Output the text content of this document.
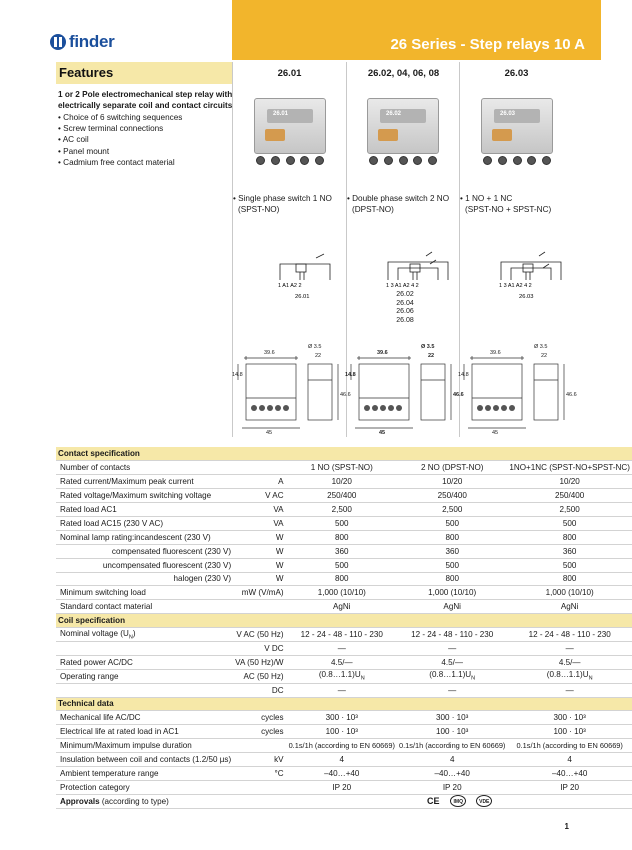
finder	26 Series - Step relays 10 A
Features
1 or 2 Pole electromechanical step relay with electrically separate coil and contact circuits
• Choice of 6 switching sequences
• Screw terminal connections
• AC coil
• Panel mount
• Cadmium free contact material
26.01	26.02, 04, 06, 08	26.03
26.01	26.02	26.03
• Single phase switch 1 NO
(SPST-NO)
• Double phase switch 2 NO
(DPST-NO)
• 1 NO + 1 NC
(SPST-NO + SPST-NC)
1 A1 A2 2
26.01
1 3 A1 A2 4 2
26.02
26.04
26.06
26.08
1 3 A1 A2 4 2
26.03
39.6
Ø 3.5
22
14.8
46.6
45
39.6
Ø 3.5
22
14.8
46.6
45
39.6
Ø 3.5
22
14.8
46.6
45
Contact specification				
Number of contacts		1 NO (SPST-NO)	2 NO (DPST-NO)	1NO+1NC (SPST-NO+SPST-NC)
Rated current/Maximum peak current	A	10/20	10/20	10/20
Rated voltage/Maximum switching voltage	V AC	250/400	250/400	250/400
Rated load AC1	VA	2,500	2,500	2,500
Rated load AC15 (230 V AC)	VA	500	500	500
Nominal lamp rating:incandescent (230 V)	W	800	800	800
compensated fluorescent (230 V)	W	360	360	360
uncompensated fluorescent (230 V)	W	500	500	500
halogen (230 V)	W	800	800	800
Minimum switching load	mW (V/mA)	1,000 (10/10)	1,000 (10/10)	1,000 (10/10)
Standard contact material		AgNi	AgNi	AgNi
Coil specification				
Nominal voltage $(U_N)$	V AC (50 Hz)	12 - 24 - 48 - 110 - 230	12 - 24 - 48 - 110 - 230	12 - 24 - 48 - 110 - 230
	V DC	—	—	—
Rated power AC/DC	VA (50 Hz)/W	4.5/—	4.5/—	4.5/—
Operating range	AC (50 Hz)	$(0.8\dots 1.1)U_N$	$(0.8\dots 1.1)U_N$	$(0.8\dots 1.1)U_N$
	DC	—	—	—
Technical data				
Mechanical life AC/DC	cycles	300 · 10³	300 · 10³	300 · 10³
Electrical life at rated load in AC1	cycles	100 · 10³	100 · 10³	100 · 10³
Minimum/Maximum impulse duration		0.1s/1h (according to EN 60669)	0.1s/1h (according to EN 60669)	0.1s/1h (according to EN 60669)
Insulation between coil and contacts (1.2/50 µs)	kV	4	4	4
Ambient temperature range	°C	–40…+40	–40…+40	–40…+40
Protection category		IP 20	IP 20	IP 20
Approvals (according to type)		CE IMQ VDE		
1
